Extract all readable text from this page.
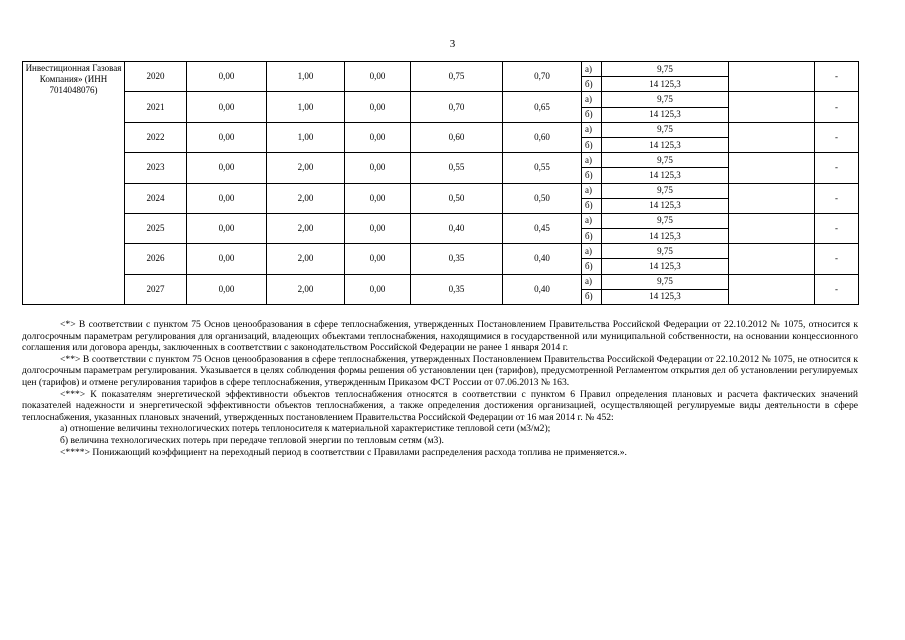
3
Инвестиционная Газовая Компания» (ИНН 7014048076)	2020	0,00	1,00	0,00	0,75	0,70	а)	9,75		-
							б)	14 125,3		
	2021	0,00	1,00	0,00	0,70	0,65	а)	9,75		-
							б)	14 125,3		
	2022	0,00	1,00	0,00	0,60	0,60	а)	9,75		-
							б)	14 125,3		
	2023	0,00	2,00	0,00	0,55	0,55	а)	9,75		-
							б)	14 125,3		
	2024	0,00	2,00	0,00	0,50	0,50	а)	9,75		-
							б)	14 125,3		
	2025	0,00	2,00	0,00	0,40	0,45	а)	9,75		-
							б)	14 125,3		
	2026	0,00	2,00	0,00	0,35	0,40	а)	9,75		-
							б)	14 125,3		
	2027	0,00	2,00	0,00	0,35	0,40	а)	9,75		-
							б)	14 125,3		

<*> В соответствии с пунктом 75 Основ ценообразования в сфере теплоснабжения, утвержденных Постановлением Правительства Российской Федерации от 22.10.2012 № 1075, относится к долгосрочным параметрам регулирования для организаций, владеющих объектами теплоснабжения, находящимися в государственной или муниципальной собственности, на основании концессионного соглашения или договора аренды, заключенных в соответствии с законодательством Российской Федерации не ранее 1 января 2014 г.

<**> В соответствии с пунктом 75 Основ ценообразования в сфере теплоснабжения, утвержденных Постановлением Правительства Российской Федерации от 22.10.2012 № 1075, не относится к долгосрочным параметрам регулирования. Указывается в целях соблюдения формы решения об установлении цен (тарифов), предусмотренной Регламентом открытия дел об установлении регулируемых цен (тарифов) и отмене регулирования тарифов в сфере теплоснабжения, утвержденным Приказом ФСТ России от 07.06.2013 № 163.

<***> К показателям энергетической эффективности объектов теплоснабжения относятся в соответствии с пунктом 6 Правил определения плановых и расчета фактических значений показателей надежности и энергетической эффективности объектов теплоснабжения, а также определения достижения организацией, осуществляющей регулируемые виды деятельности в сфере теплоснабжения, указанных плановых значений, утвержденных постановлением Правительства Российской Федерации от 16 мая 2014 г. № 452:

а) отношение величины технологических потерь теплоносителя к материальной характеристике тепловой сети (м3/м2);

б) величина технологических потерь при передаче тепловой энергии по тепловым сетям (м3).

<****> Понижающий коэффициент на переходный период в соответствии с Правилами распределения расхода топлива не применяется.».
